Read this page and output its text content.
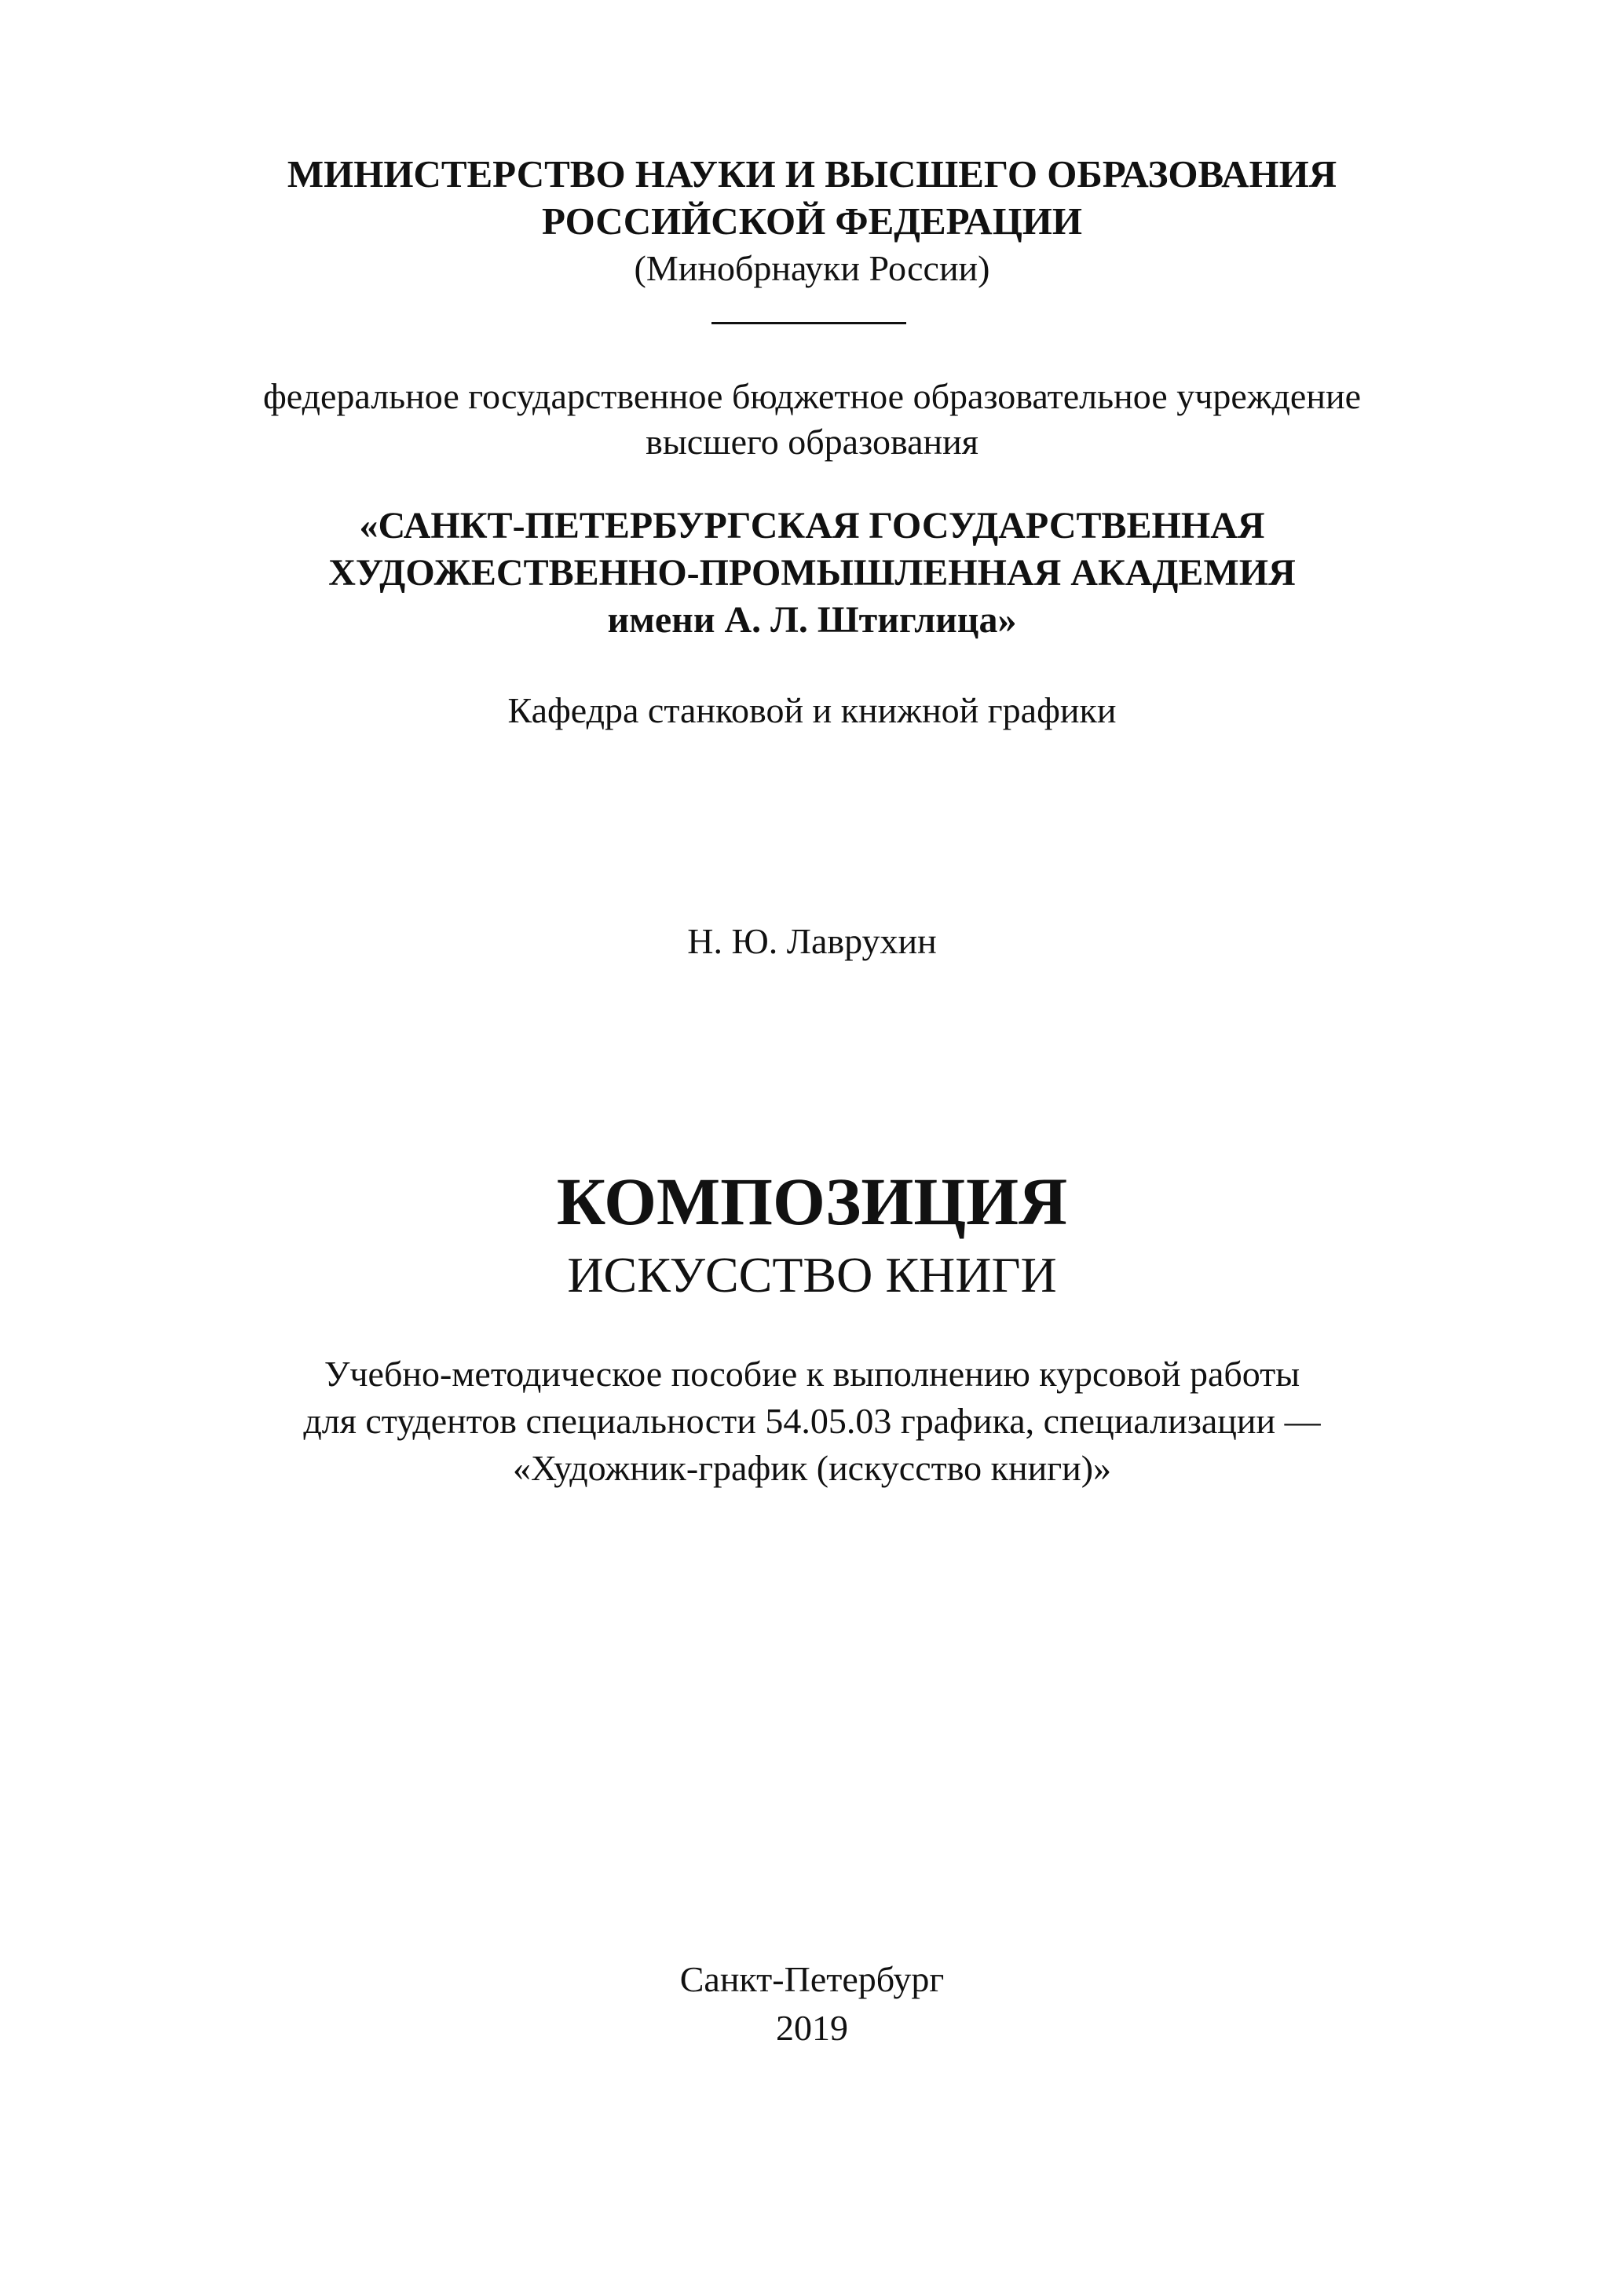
МИНИСТЕРСТВО НАУКИ И ВЫСШЕГО ОБРАЗОВАНИЯ
РОССИЙСКОЙ ФЕДЕРАЦИИ
(Минобрнауки России)
федеральное государственное бюджетное образовательное учреждение
высшего образования
«САНКТ-ПЕТЕРБУРГСКАЯ ГОСУДАРСТВЕННАЯ
ХУДОЖЕСТВЕННО-ПРОМЫШЛЕННАЯ АКАДЕМИЯ
имени А. Л. Штиглица»
Кафедра станковой и книжной графики
Н. Ю. Лаврухин
КОМПОЗИЦИЯ
ИСКУССТВО КНИГИ
Учебно-методическое пособие к выполнению курсовой работы
для студентов специальности 54.05.03 графика, специализации —
«Художник-график (искусство книги)»
Санкт-Петербург
2019
